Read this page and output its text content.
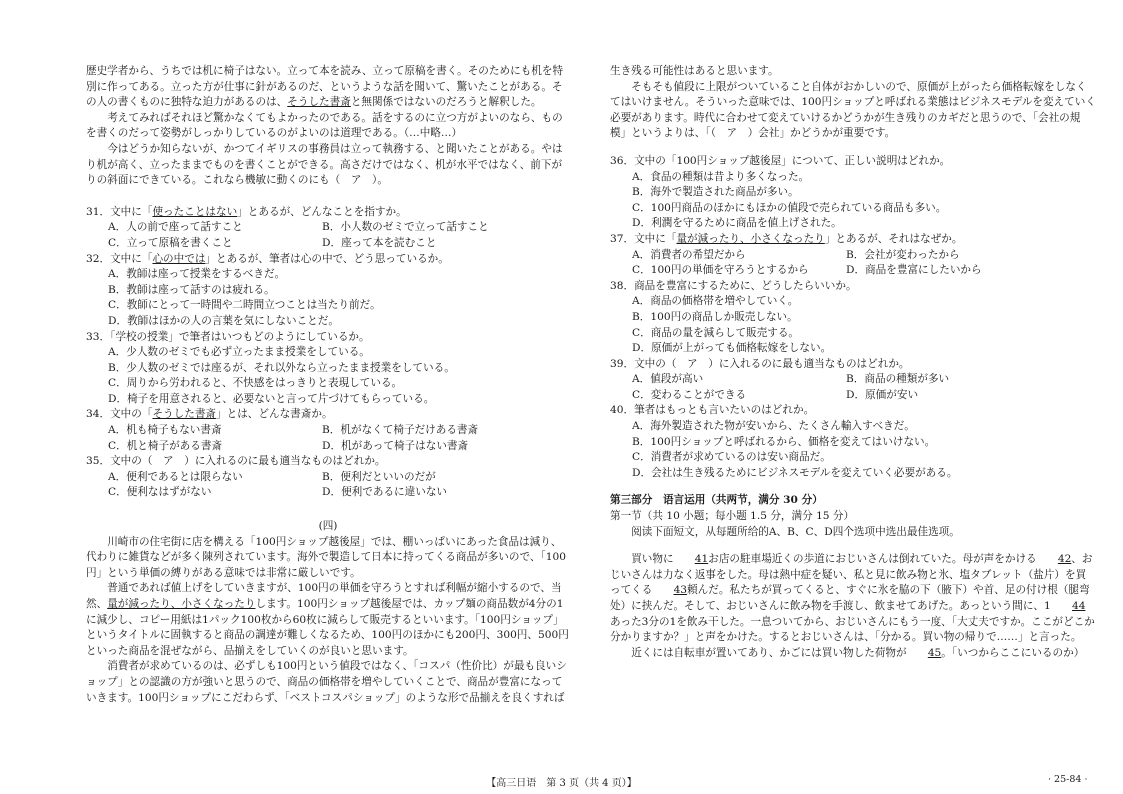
歴史学者から、うちでは机に椅子はない。立って本を読み、立って原稿を書く。そのためにも机を特別に作ってある。立った方が仕事に針があるのだ、というような話を聞いて、驚いたことがある。その人の書くものに独特な迫力があるのは、そうした書斎と無関係ではないのだろうと解釈した。

考えてみればそれほど驚かなくてもよかったのである。話をするのに立つ方がよいのなら、ものを書くのだって姿勢がしっかりしているのがよいのは道理である。（…中略…）

今はどうか知らないが、かつてイギリスの事務員は立って執務する、と聞いたことがある。やはり机が高く、立ったままでものを書くことができる。高さだけではなく、机が水平ではなく、前下がりの斜面にできている。これなら機敏に動くのにも（　ア　）。

31．文中に「使ったことはない」とあるが、どんなことを指すか。

A．人の前で座って話すこと	B．小人数のゼミで立って話すこと
C．立って原稿を書くこと	D．座って本を読むこと

32．文中に「心の中では」とあるが、筆者は心の中で、どう思っているか。

A．教師は座って授業をするべきだ。

B．教師は座って話すのは疲れる。

C．教師にとって一時間や二時間立つことは当たり前だ。

D．教師はほかの人の言葉を気にしないことだ。

33．「学校の授業」で筆者はいつもどのようにしているか。

A．少人数のゼミでも必ず立ったまま授業をしている。

B．少人数のゼミでは座るが、それ以外なら立ったまま授業をしている。

C．周りから労われると、不快感をはっきりと表現している。

D．椅子を用意されると、必要ないと言って片づけてもらっている。

34．文中の「そうした書斎」とは、どんな書斎か。

A．机も椅子もない書斎	B．机がなくて椅子だけある書斎
C．机と椅子がある書斎	D．机があって椅子はない書斎

35．文中の（　ア　）に入れるのに最も適当なものはどれか。

A．便利であるとは限らない	B．便利だといいのだが
C．便利なはずがない	D．便利であるに違いない

(四)

川崎市の住宅街に店を構える「100円ショップ越後屋」では、棚いっぱいにあった食品は減り、代わりに雑貨などが多く陳列されています。海外で製造して日本に持ってくる商品が多いので、「100円」という単価の縛りがある意味では非常に厳しいです。

普通であれば値上げをしていきますが、100円の単価を守ろうとすれば利幅が縮小するので、当然、量が減ったり、小さくなったりします。100円ショップ越後屋では、カップ麺の商品数が4分の1に減少し、コピー用紙は1パック100枚から60枚に減らして販売するといいます。「100円ショップ」というタイトルに固執すると商品の調達が難しくなるため、100円のほかにも200円、300円、500円といった商品を混ぜながら、品揃えをしていくのが良いと思います。

消費者が求めているのは、必ずしも100円という値段ではなく、「コスパ（性价比）が最も良いショップ」との認識の方が強いと思うので、商品の価格帯を増やしていくことで、商品が豊富になっていきます。100円ショップにこだわらず、「ベストコスパショップ」のような形で品揃えを良くすれば

生き残る可能性はあると思います。

そもそも値段に上限がついていること自体がおかしいので、原価が上がったら価格転嫁をしなくてはいけません。そういった意味では、100円ショップと呼ばれる業態はビジネスモデルを変えていく必要があります。時代に合わせて変えていけるかどうかが生き残りのカギだと思うので、「会社の規模」というよりは、「（　ア　）会社」かどうかが重要です。

36．文中の「100円ショップ越後屋」について、正しい説明はどれか。

A．食品の種類は昔より多くなった。

B．海外で製造された商品が多い。

C．100円商品のほかにもほかの値段で売られている商品も多い。

D．利潤を守るために商品を値上げされた。

37．文中に「量が減ったり、小さくなったり」とあるが、それはなぜか。

A．消費者の希望だから	B．会社が変わったから
C．100円の単価を守ろうとするから	D．商品を豊富にしたいから

38．商品を豊富にするために、どうしたらいいか。

A．商品の価格帯を増やしていく。

B．100円の商品しか販売しない。

C．商品の量を減らして販売する。

D．原価が上がっても価格転嫁をしない。

39．文中の（　ア　）に入れるのに最も適当なものはどれか。

A．値段が高い	B．商品の種類が多い
C．変わることができる	D．原価が安い

40．筆者はもっとも言いたいのはどれか。

A．海外製造された物が安いから、たくさん輸入すべきだ。

B．100円ショップと呼ばれるから、価格を変えてはいけない。

C．消費者が求めているのは安い商品だ。

D．会社は生き残るためにビジネスモデルを変えていく必要がある。

第三部分　语言运用（共两节，满分 30 分）

第一节（共 10 小题；每小题 1.5 分，满分 15 分）

阅读下面短文，从每题所给的A、B、C、D四个选项中选出最佳选项。

買い物に 41お店の駐車場近くの歩道におじいさんは倒れていた。母が声をかける 42、おじいさんは力なく返事をした。母は熱中症を疑い、私と見に飲み物と氷、塩タブレット（盐片）を買ってくる 43頼んだ。私たちが買ってくると、すぐに氷を脇の下（腋下）や首、足の付け根（腿弯处）に挟んだ。そして、おじいさんに飲み物を手渡し、飲ませてあげた。あっという間に、1 44あった3分の1を飲み干した。一息ついてから、おじいさんにもう一度、「大丈夫ですか。ここがどこか分かりますか？」と声をかけた。するとおじいさんは、「分かる。買い物の帰りで……」と言った。

近くには自転車が置いてあり、かごには買い物した荷物が 45。「いつからここにいるのか）

【高三日语　第 3 页（共 4 页）】	· 25-84 ·
